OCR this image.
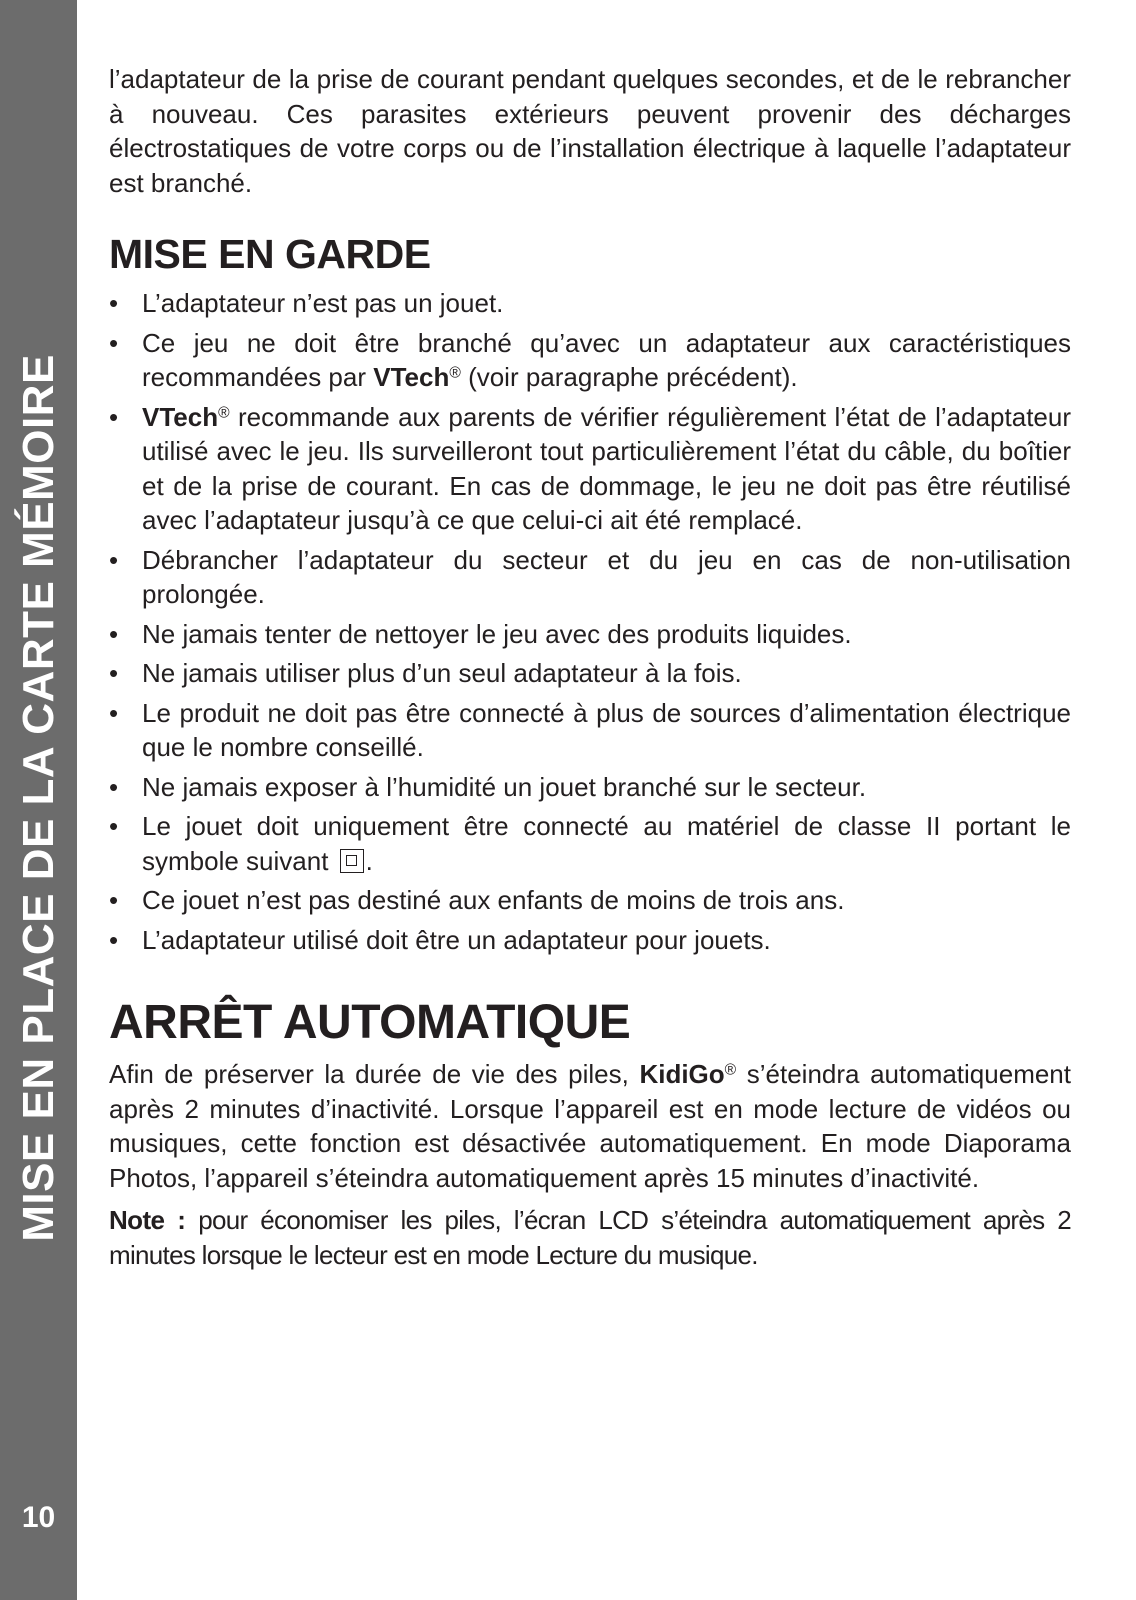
MISE EN PLACE DE LA CARTE MÉMOIRE
10

l’adaptateur de la prise de courant pendant quelques secondes, et de le rebrancher à nouveau. Ces parasites extérieurs peuvent provenir des décharges électrostatiques de votre corps ou de l’installation électrique à laquelle l’adaptateur est branché.

MISE EN GARDE
• L’adaptateur n’est pas un jouet.
• Ce jeu ne doit être branché qu’avec un adaptateur aux caractéristiques recommandées par VTech® (voir paragraphe précédent).
• VTech® recommande aux parents de vérifier régulièrement l’état de l’adaptateur utilisé avec le jeu. Ils surveilleront tout particulièrement l’état du câble, du boîtier et de la prise de courant. En cas de dommage, le jeu ne doit pas être réutilisé avec l’adaptateur jusqu’à ce que celui-ci ait été remplacé.
• Débrancher l’adaptateur du secteur et du jeu en cas de non-utilisation prolongée.
• Ne jamais tenter de nettoyer le jeu avec des produits liquides.
• Ne jamais utiliser plus d’un seul adaptateur à la fois.
• Le produit ne doit pas être connecté à plus de sources d’alimentation électrique que le nombre conseillé.
• Ne jamais exposer à l’humidité un jouet branché sur le secteur.
• Le jouet doit uniquement être connecté au matériel de classe II portant le symbole suivant .
• Ce jouet n’est pas destiné aux enfants de moins de trois ans.
• L’adaptateur utilisé doit être un adaptateur pour jouets.
ARRÊT AUTOMATIQUE

Afin de préserver la durée de vie des piles, KidiGo® s’éteindra automatiquement après 2 minutes d’inactivité. Lorsque l’appareil est en mode lecture de vidéos ou musiques, cette fonction est désactivée automatiquement. En mode Diaporama Photos, l’appareil s’éteindra automatiquement après 15 minutes d’inactivité.

Note : pour économiser les piles, l’écran LCD s’éteindra automatiquement après 2 minutes lorsque le lecteur est en mode Lecture du musique.
